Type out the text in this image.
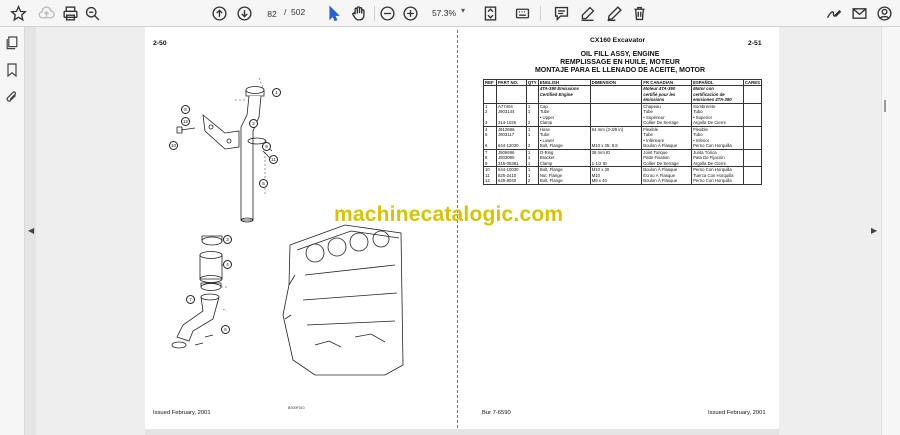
82
/ 502	57.3% ▾
◀	▶
2-50	2-51
CX160 Excavator
OIL FILL ASSY, ENGINE
REMPLISSAGE EN HUILE, MOTEUR
MONTAJE PARA EL LLENADO DE ACEITE, MOTOR
1
2
3
4
5
6
7
8
9
10
11
12
BS00F010
REF	PART NO.	QTY	ENGLISH	DIMENSION	FR CANADIAN	ESPAÑOL	CARES
			4TA-390 Emissions		Moteur 4TA-390	Motor con	
			Certified Engine		certifié pour les	certificación de	
					émissions	emisiones 4TA-390	
1	A77404	1	Cap		Chapeau	Sombrerete	
2	J903144	1	Tube		Tube	Tubo	
			• Upper		• Supérieur	• Superior	
3	314-1026	2	Clamp		Collier De Serrage	Argolla De Cierre	
4	J912686	1	Hose	64 mm (3-3/8 in)	Flexible	Flexible	
5	J903117	1	Tube		Tube	Tubo	
			• Lower		• Inférieure	• Inferior	
6	644-12030	2	Bolt, Flange	M10 x 35; 8.8	Boulon À Flasque	Perno Con Horquilla	
7	J906696	1	O-Ring	38 mm ID	Joint Torique	Junta Tórica	
8	J903095	1	Bracket		Patte Fixation	Pata De Fijación	
9	315-05381	1	Clamp	1-1/2 ID	Collier De Serrage	Argolla De Cierre	
10	644-10030	1	Bolt, Flange	M10 x 30	Boulon À Flasque	Perno Con Horquilla	
11	825-2410	1	Nut, Flange	M10	Écrou À Flasque	Tuerca Con Horquilla	
12	645-8040	2	Bolt, Flange	M8 x 40	Boulon À Flasque	Perno Con Horquilla	
machinecatalogic.com
Issued February, 2001	Bur 7-6590	Issued February, 2001
